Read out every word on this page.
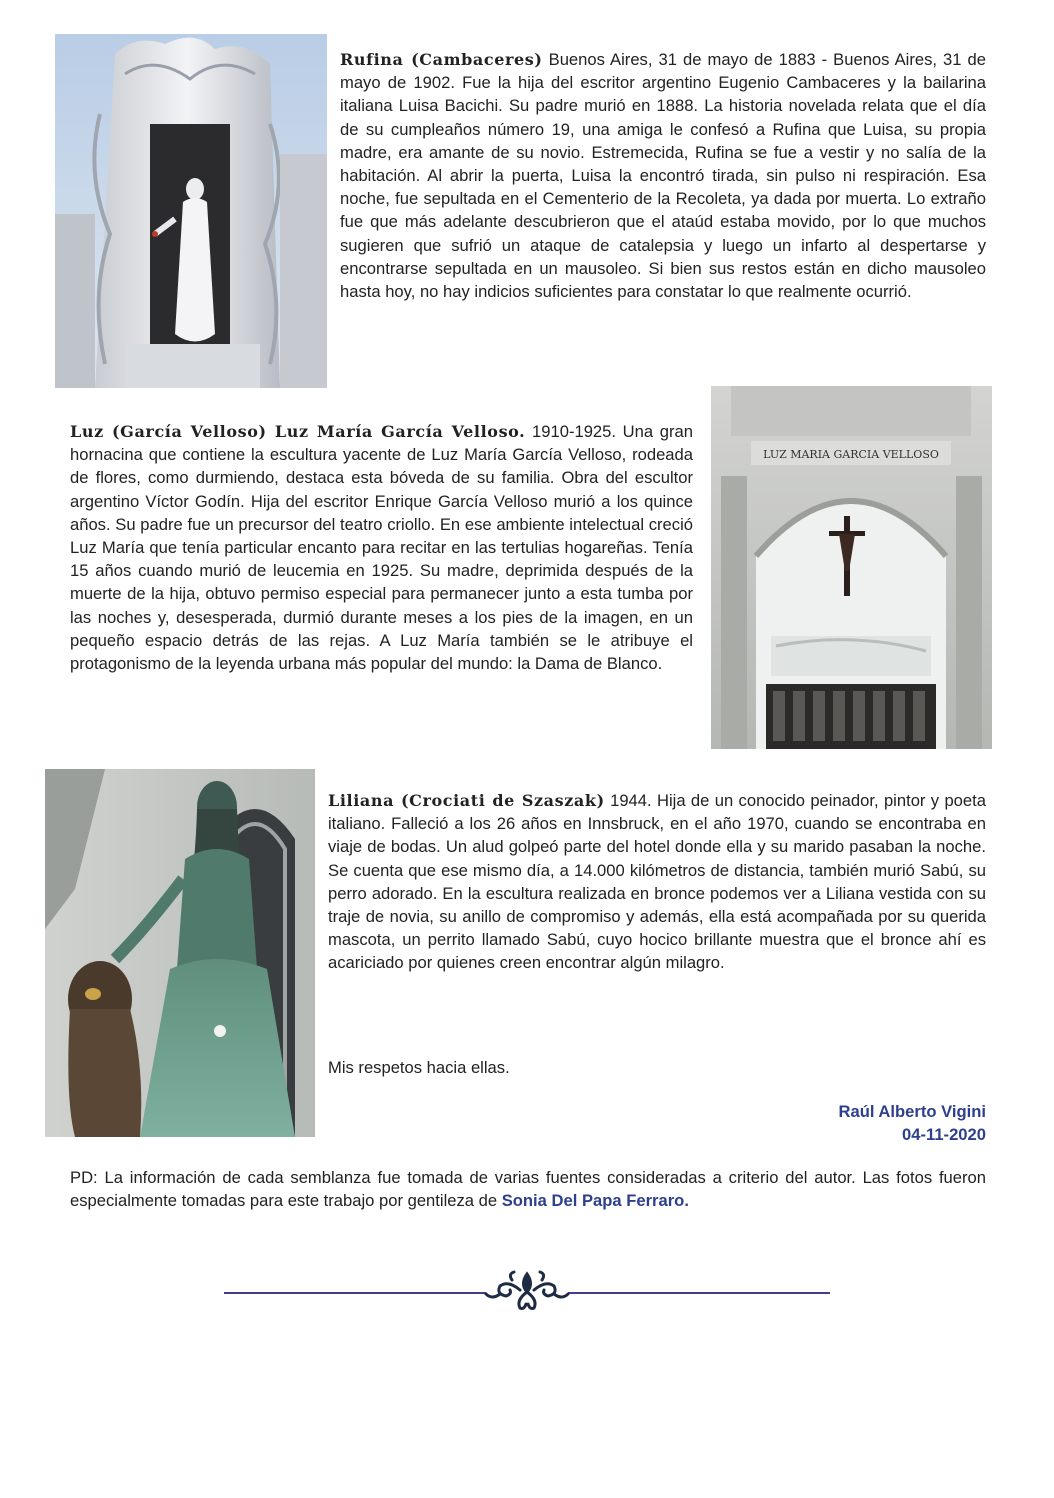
Rufina (Cambaceres) Buenos Aires, 31 de mayo de 1883 - Buenos Aires, 31 de mayo de 1902. Fue la hija del escritor argentino Eugenio Cambaceres y la bailarina italiana Luisa Bacichi. Su padre murió en 1888. La historia novelada relata que el día de su cumpleaños número 19, una amiga le confesó a Rufina que Luisa, su propia madre, era amante de su novio. Estremecida, Rufina se fue a vestir y no salía de la habitación. Al abrir la puerta, Luisa la encontró tirada, sin pulso ni respiración. Esa noche, fue sepultada en el Cementerio de la Recoleta, ya dada por muerta. Lo extraño fue que más adelante descubrieron que el ataúd estaba movido, por lo que muchos sugieren que sufrió un ataque de catalepsia y luego un infarto al despertarse y encontrarse sepultada en un mausoleo. Si bien sus restos están en dicho mausoleo hasta hoy, no hay indicios suficientes para constatar lo que realmente ocurrió.

Luz (García Velloso) Luz María García Velloso. 1910-1925. Una gran hornacina que contiene la escultura yacente de Luz María García Velloso, rodeada de flores, como durmiendo, destaca esta bóveda de su familia. Obra del escultor argentino Víctor Godín. Hija del escritor Enrique García Velloso murió a los quince años. Su padre fue un precursor del teatro criollo. En ese ambiente intelectual creció Luz María que tenía particular encanto para recitar en las tertulias hogareñas. Tenía 15 años cuando murió de leucemia en 1925. Su madre, deprimida después de la muerte de la hija, obtuvo permiso especial para permanecer junto a esta tumba por las noches y, desesperada, durmió durante meses a los pies de la imagen, en un pequeño espacio detrás de las rejas. A Luz María también se le atribuye el protagonismo de la leyenda urbana más popular del mundo: la Dama de Blanco.

LUZ MARIA GARCIA VELLOSO

Liliana (Crociati de Szaszak) 1944. Hija de un conocido peinador, pintor y poeta italiano. Falleció a los 26 años en Innsbruck, en el año 1970, cuando se encontraba en viaje de bodas. Un alud golpeó parte del hotel donde ella y su marido pasaban la noche. Se cuenta que ese mismo día, a 14.000 kilómetros de distancia, también murió Sabú, su perro adorado. En la escultura realizada en bronce podemos ver a Liliana vestida con su traje de novia, su anillo de compromiso y además, ella está acompañada por su querida mascota, un perrito llamado Sabú, cuyo hocico brillante muestra que el bronce ahí es acariciado por quienes creen encontrar algún milagro.

Mis respetos hacia ellas.
Raúl Alberto Vigini
04-11-2020

PD: La información de cada semblanza fue tomada de varias fuentes consideradas a criterio del autor. Las fotos fueron especialmente tomadas para este trabajo por gentileza de Sonia Del Papa Ferraro.
